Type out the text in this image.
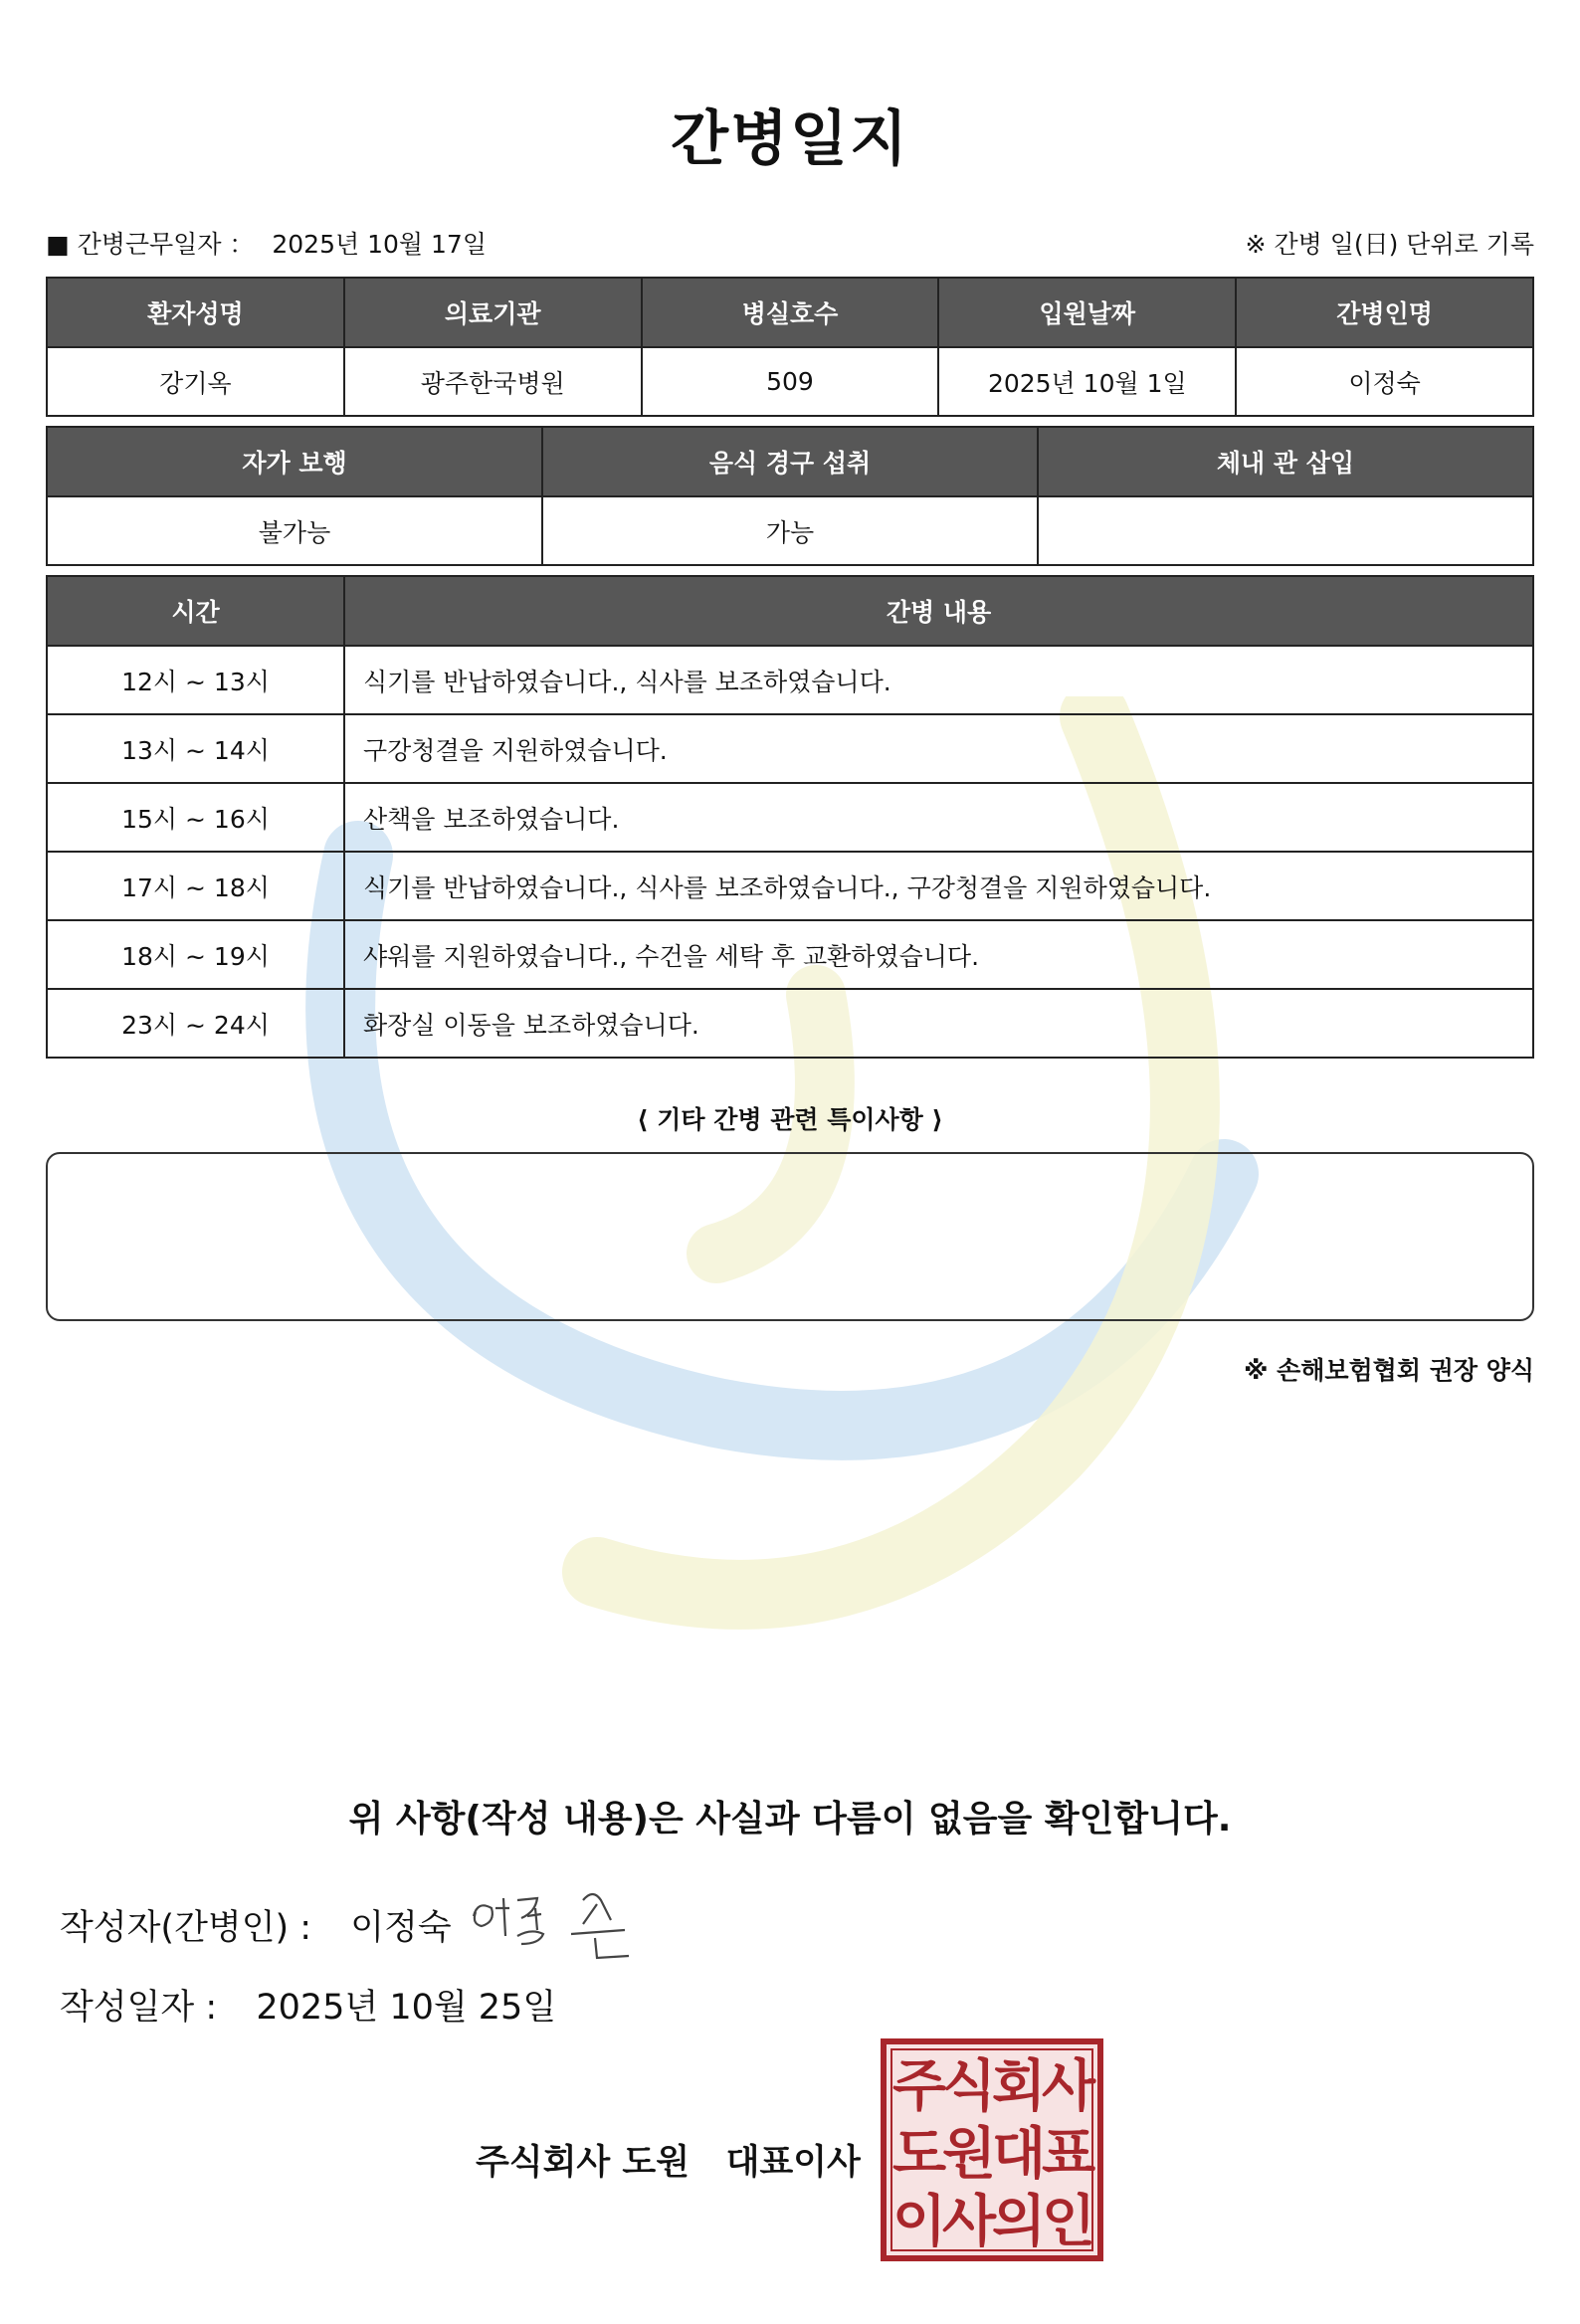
간병일지
■ 간병근무일자 ： 2025년 10월 17일	※ 간병 일(日) 단위로 기록
환자성명	의료기관	병실호수	입원날짜	간병인명
강기옥	광주한국병원	509	2025년 10월 1일	이정숙
자가 보행	음식 경구 섭취	체내 관 삽입
불가능	가능	
시간	간병 내용
12시 ~ 13시	식기를 반납하였습니다., 식사를 보조하였습니다.
13시 ~ 14시	구강청결을 지원하였습니다.
15시 ~ 16시	산책을 보조하였습니다.
17시 ~ 18시	식기를 반납하였습니다., 식사를 보조하였습니다., 구강청결을 지원하였습니다.
18시 ~ 19시	샤워를 지원하였습니다., 수건을 세탁 후 교환하였습니다.
23시 ~ 24시	화장실 이동을 보조하였습니다.
⟨ 기타 간병 관련 특이사항 ⟩
※ 손해보험협회 권장 양식
위 사항(작성 내용)은 사실과 다름이 없음을 확인합니다.
작성자(간병인) : 이정숙
작성일자 : 2025년 10월 25일
주식회사 도원   대표이사
주
식
회
사
도
원
대
표
이
사
의
인
